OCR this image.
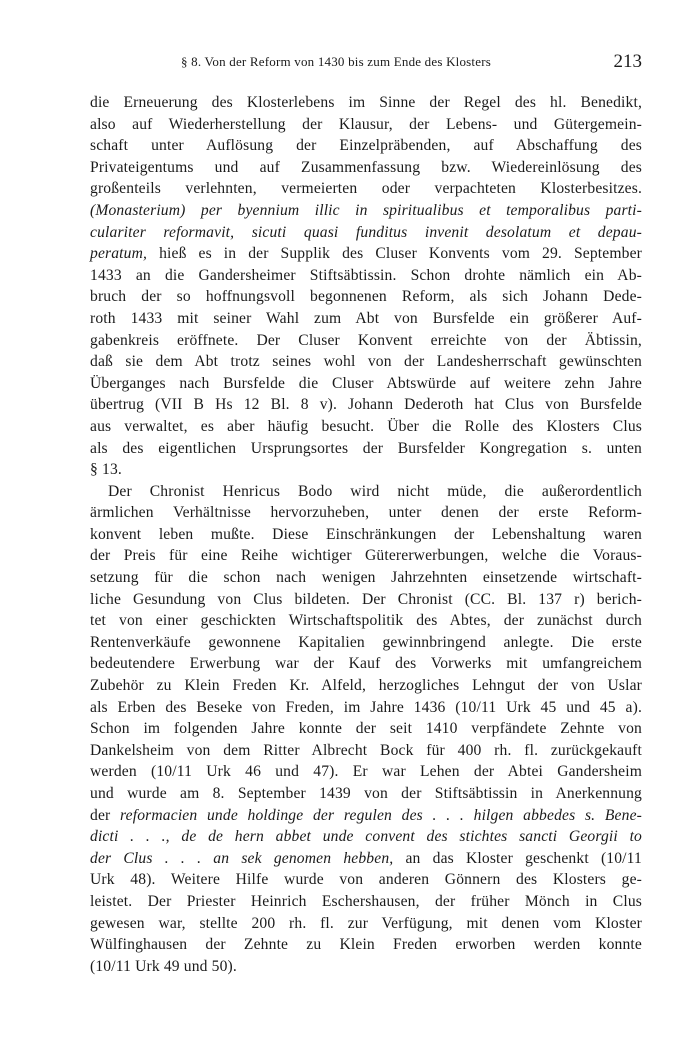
§ 8. Von der Reform von 1430 bis zum Ende des Klosters	213
die Erneuerung des Klosterlebens im Sinne der Regel des hl. Benedikt,
also auf Wiederherstellung der Klausur, der Lebens- und Gütergemein-
schaft unter Auflösung der Einzelpräbenden, auf Abschaffung des
Privateigentums und auf Zusammenfassung bzw. Wiedereinlösung des
großenteils verlehnten, vermeierten oder verpachteten Klosterbesitzes.
(Monasterium) per byennium illic in spiritualibus et temporalibus parti-
culariter reformavit, sicuti quasi funditus invenit desolatum et depau-
peratum, hieß es in der Supplik des Cluser Konvents vom 29. September
1433 an die Gandersheimer Stiftsäbtissin. Schon drohte nämlich ein Ab-
bruch der so hoffnungsvoll begonnenen Reform, als sich Johann Dede-
roth 1433 mit seiner Wahl zum Abt von Bursfelde ein größerer Auf-
gabenkreis eröffnete. Der Cluser Konvent erreichte von der Äbtissin,
daß sie dem Abt trotz seines wohl von der Landesherrschaft gewünschten
Überganges nach Bursfelde die Cluser Abtswürde auf weitere zehn Jahre
übertrug (VII B Hs 12 Bl. 8 v). Johann Dederoth hat Clus von Bursfelde
aus verwaltet, es aber häufig besucht. Über die Rolle des Klosters Clus
als des eigentlichen Ursprungsortes der Bursfelder Kongregation s. unten
§ 13.
Der Chronist Henricus Bodo wird nicht müde, die außerordentlich
ärmlichen Verhältnisse hervorzuheben, unter denen der erste Reform-
konvent leben mußte. Diese Einschränkungen der Lebenshaltung waren
der Preis für eine Reihe wichtiger Gütererwerbungen, welche die Voraus-
setzung für die schon nach wenigen Jahrzehnten einsetzende wirtschaft-
liche Gesundung von Clus bildeten. Der Chronist (CC. Bl. 137 r) berich-
tet von einer geschickten Wirtschaftspolitik des Abtes, der zunächst durch
Rentenverkäufe gewonnene Kapitalien gewinnbringend anlegte. Die erste
bedeutendere Erwerbung war der Kauf des Vorwerks mit umfangreichem
Zubehör zu Klein Freden Kr. Alfeld, herzogliches Lehngut der von Uslar
als Erben des Beseke von Freden, im Jahre 1436 (10/11 Urk 45 und 45 a).
Schon im folgenden Jahre konnte der seit 1410 verpfändete Zehnte von
Dankelsheim von dem Ritter Albrecht Bock für 400 rh. fl. zurückgekauft
werden (10/11 Urk 46 und 47). Er war Lehen der Abtei Gandersheim
und wurde am 8. September 1439 von der Stiftsäbtissin in Anerkennung
der reformacien unde holdinge der regulen des . . . hilgen abbedes s. Bene-
dicti . . ., de de hern abbet unde convent des stichtes sancti Georgii to
der Clus . . . an sek genomen hebben, an das Kloster geschenkt (10/11
Urk 48). Weitere Hilfe wurde von anderen Gönnern des Klosters ge-
leistet. Der Priester Heinrich Eschershausen, der früher Mönch in Clus
gewesen war, stellte 200 rh. fl. zur Verfügung, mit denen vom Kloster
Wülfinghausen der Zehnte zu Klein Freden erworben werden konnte
(10/11 Urk 49 und 50).
